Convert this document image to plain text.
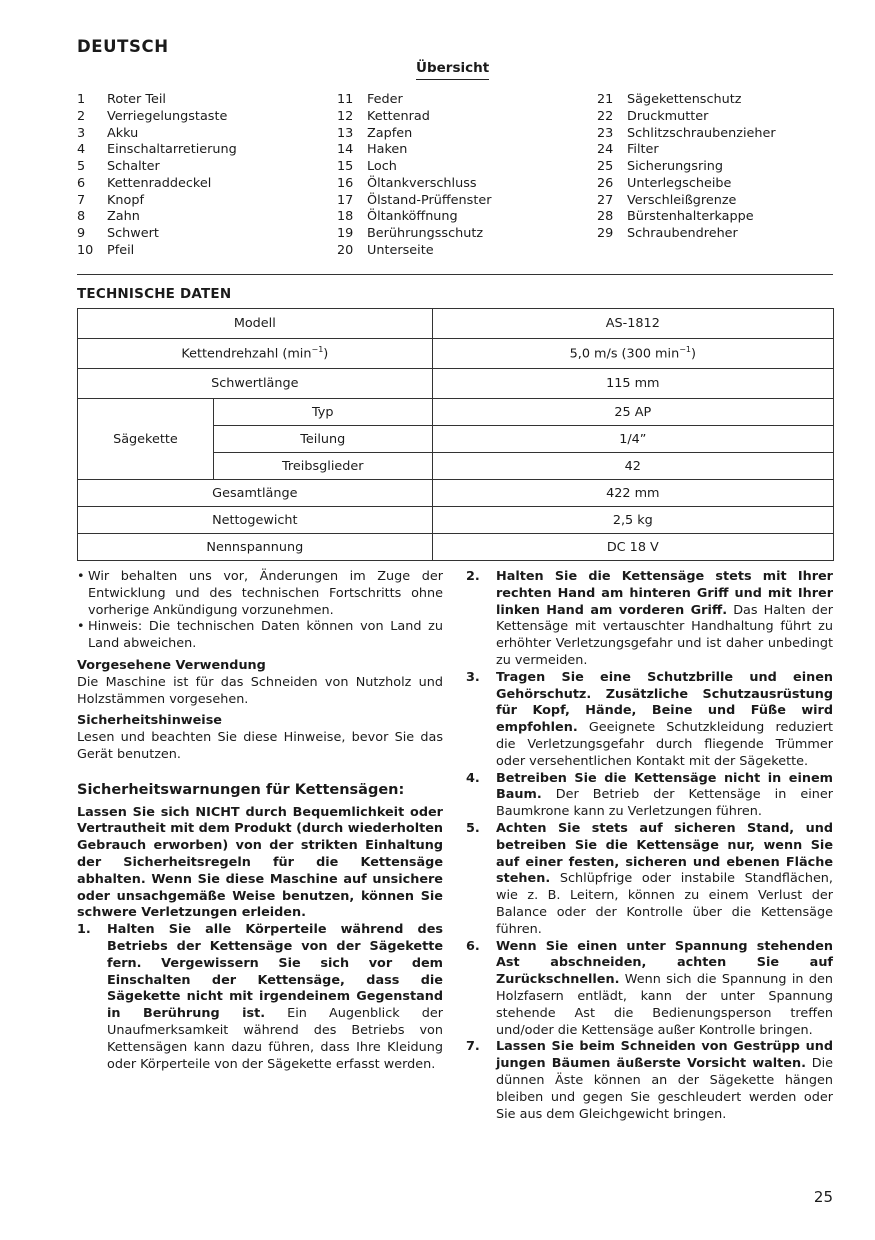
DEUTSCH
Übersicht
1	Roter Teil
2	Verriegelungstaste
3	Akku
4	Einschaltarretierung
5	Schalter
6	Kettenraddeckel
7	Knopf
8	Zahn
9	Schwert
10	Pfeil
11	Feder
12	Kettenrad
13	Zapfen
14	Haken
15	Loch
16	Öltankverschluss
17	Ölstand-Prüffenster
18	Öltanköffnung
19	Berührungsschutz
20	Unterseite
21	Sägekettenschutz
22	Druckmutter
23	Schlitzschraubenzieher
24	Filter
25	Sicherungsring
26	Unterlegscheibe
27	Verschleißgrenze
28	Bürstenhalterkappe
29	Schraubendreher
TECHNISCHE DATEN
Modell		AS-1812
Kettendrehzahl $(\min^{-1})$		5,0 m/s (300 $\min^{-1}$)
Schwertlänge		115 mm
Sägekette	Typ	25 AP
	Teilung	1/4”
	Treibsglieder	42
Gesamtlänge		422 mm
Nettogewicht		2,5 kg
Nennspannung		DC 18 V
• Wir behalten uns vor, Änderungen im Zuge der Entwicklung und des technischen Fortschritts ohne vorherige Ankündigung vorzunehmen.
• Hinweis: Die technischen Daten können von Land zu Land abweichen.
Vorgesehene Verwendung
Die Maschine ist für das Schneiden von Nutzholz und Holzstämmen vorgesehen.
Sicherheitshinweise
Lesen und beachten Sie diese Hinweise, bevor Sie das Gerät benutzen.
Sicherheitswarnungen für Kettensägen:
Lassen Sie sich NICHT durch Bequemlichkeit oder Vertrautheit mit dem Produkt (durch wiederholten Gebrauch erworben) von der strikten Einhaltung der Sicherheitsregeln für die Kettensäge abhalten. Wenn Sie diese Maschine auf unsichere oder unsachgemäße Weise benutzen, können Sie schwere Verletzungen erleiden.
1.	Halten Sie alle Körperteile während des Betriebs der Kettensäge von der Sägekette fern. Vergewissern Sie sich vor dem Einschalten der Kettensäge, dass die Sägekette nicht mit irgendeinem Gegenstand in Berührung ist. Ein Augenblick der Unaufmerksamkeit während des Betriebs von Kettensägen kann dazu führen, dass Ihre Kleidung oder Körperteile von der Sägekette erfasst werden.
2.	Halten Sie die Kettensäge stets mit Ihrer rechten Hand am hinteren Griff und mit Ihrer linken Hand am vorderen Griff. Das Halten der Kettensäge mit vertauschter Handhaltung führt zu erhöhter Verletzungsgefahr und ist daher unbedingt zu vermeiden.
3.	Tragen Sie eine Schutzbrille und einen Gehörschutz. Zusätzliche Schutzausrüstung für Kopf, Hände, Beine und Füße wird empfohlen. Geeignete Schutzkleidung reduziert die Verletzungsgefahr durch fliegende Trümmer oder versehentlichen Kontakt mit der Sägekette.
4.	Betreiben Sie die Kettensäge nicht in einem Baum. Der Betrieb der Kettensäge in einer Baumkrone kann zu Verletzungen führen.
5.	Achten Sie stets auf sicheren Stand, und betreiben Sie die Kettensäge nur, wenn Sie auf einer festen, sicheren und ebenen Fläche stehen. Schlüpfrige oder instabile Standflächen, wie z. B. Leitern, können zu einem Verlust der Balance oder der Kontrolle über die Kettensäge führen.
6.	Wenn Sie einen unter Spannung stehenden Ast abschneiden, achten Sie auf Zurückschnellen. Wenn sich die Spannung in den Holzfasern entlädt, kann der unter Spannung stehende Ast die Bedienungsperson treffen und/oder die Kettensäge außer Kontrolle bringen.
7.	Lassen Sie beim Schneiden von Gestrüpp und jungen Bäumen äußerste Vorsicht walten. Die dünnen Äste können an der Sägekette hängen bleiben und gegen Sie geschleudert werden oder Sie aus dem Gleichgewicht bringen.
25
